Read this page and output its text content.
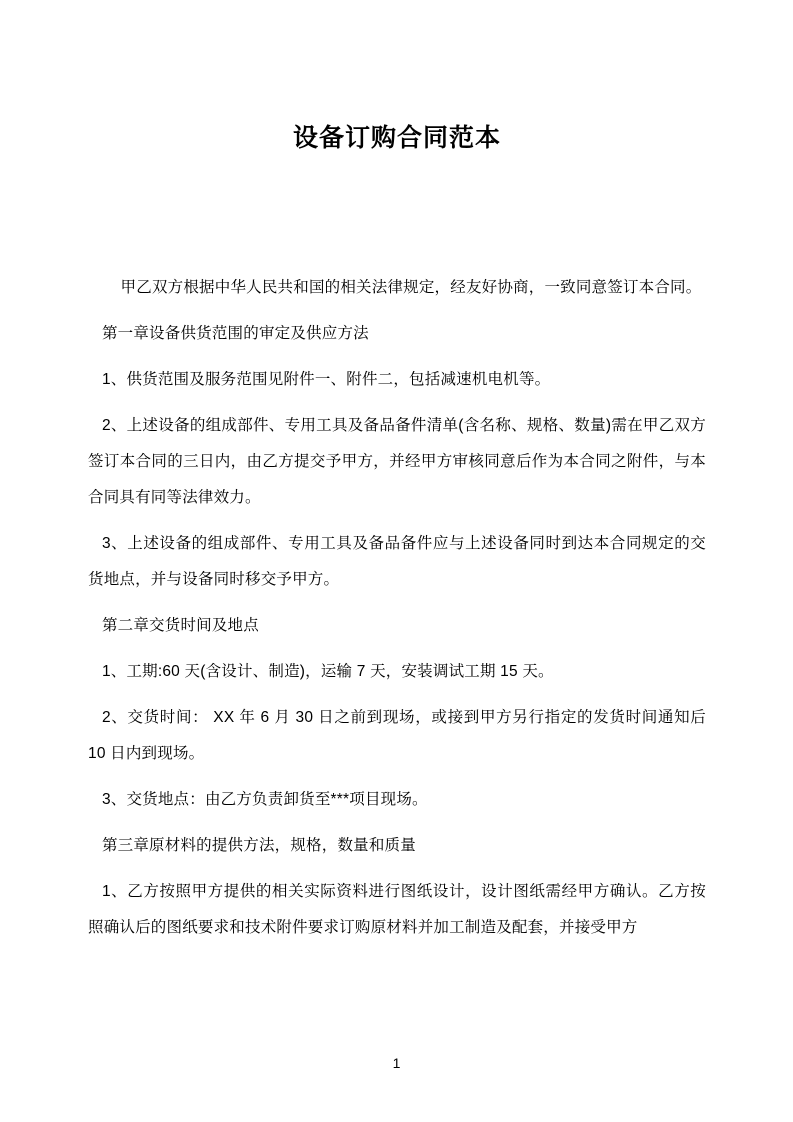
设备订购合同范本

甲乙双方根据中华人民共和国的相关法律规定，经友好协商，一致同意签订本合同。

第一章设备供货范围的审定及供应方法

1、供货范围及服务范围见附件一、附件二，包括减速机电机等。

2、上述设备的组成部件、专用工具及备品备件清单(含名称、规格、数量)需在甲乙双方签订本合同的三日内，由乙方提交予甲方，并经甲方审核同意后作为本合同之附件，与本合同具有同等法律效力。

3、上述设备的组成部件、专用工具及备品备件应与上述设备同时到达本合同规定的交货地点，并与设备同时移交予甲方。

第二章交货时间及地点

1、工期:60 天(含设计、制造)，运输 7 天，安装调试工期 15 天。

2、交货时间： XX 年 6 月 30 日之前到现场，或接到甲方另行指定的发货时间通知后 10 日内到现场。

3、交货地点：由乙方负责卸货至***项目现场。

第三章原材料的提供方法，规格，数量和质量

1、乙方按照甲方提供的相关实际资料进行图纸设计，设计图纸需经甲方确认。乙方按照确认后的图纸要求和技术附件要求订购原材料并加工制造及配套，并接受甲方

1
